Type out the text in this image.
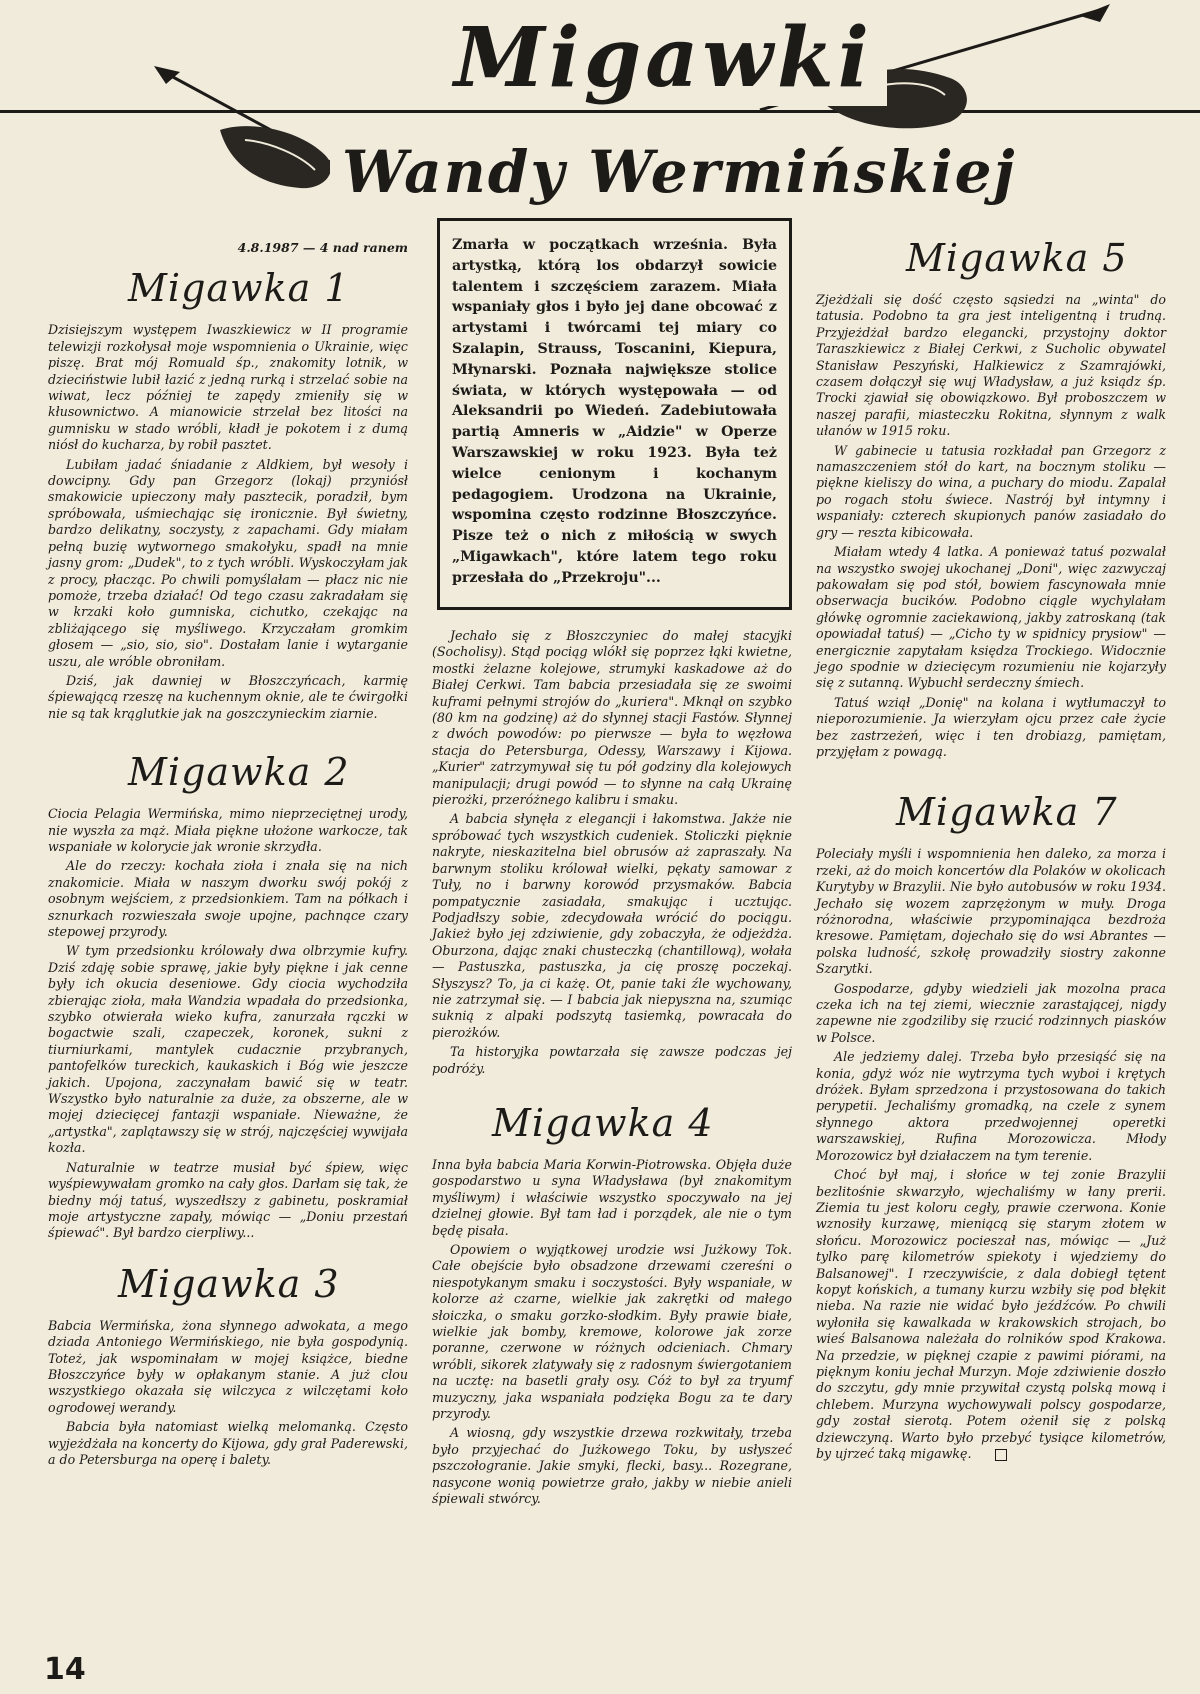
Migawki
Wandy Wermińskiej
4.8.1987 — 4 nad ranem
Migawka 1

Dzisiejszym występem Iwaszkiewicz w II programie telewizji rozkołysał moje wspomnienia o Ukrainie, więc piszę. Brat mój Romuald śp., znakomity lotnik, w dzieciństwie lubił łazić z jedną rurką i strzelać sobie na wiwat, lecz później te zapędy zmieniły się w kłusownictwo. A mianowicie strzelał bez litości na gumnisku w stado wróbli, kładł je pokotem i z dumą niósł do kucharza, by robił pasztet.

Lubiłam jadać śniadanie z Aldkiem, był wesoły i dowcipny. Gdy pan Grzegorz (lokaj) przyniósł smakowicie upieczony mały pasztecik, poradził, bym spróbowała, uśmiechając się ironicznie. Był świetny, bardzo delikatny, soczysty, z zapachami. Gdy miałam pełną buzię wytwornego smakołyku, spadł na mnie jasny grom: „Dudek", to z tych wróbli. Wyskoczyłam jak z procy, płacząc. Po chwili pomyślałam — płacz nic nie pomoże, trzeba działać! Od tego czasu zakradałam się w krzaki koło gumniska, cichutko, czekając na zbliżającego się myśliwego. Krzyczałam gromkim głosem — „sio, sio, sio". Dostałam lanie i wytarganie uszu, ale wróble obroniłam.

Dziś, jak dawniej w Błoszczyńcach, karmię śpiewającą rzeszę na kuchennym oknie, ale te ćwirgołki nie są tak krąglutkie jak na goszczynieckim ziarnie.

Migawka 2

Ciocia Pelagia Wermińska, mimo nieprzeciętnej urody, nie wyszła za mąż. Miała piękne ułożone warkocze, tak wspaniałe w kolorycie jak wronie skrzydła.

Ale do rzeczy: kochała zioła i znała się na nich znakomicie. Miała w naszym dworku swój pokój z osobnym wejściem, z przedsionkiem. Tam na półkach i sznurkach rozwieszała swoje upojne, pachnące czary stepowej przyrody.

W tym przedsionku królowały dwa olbrzymie kufry. Dziś zdaję sobie sprawę, jakie były piękne i jak cenne były ich okucia deseniowe. Gdy ciocia wychodziła zbierając zioła, mała Wandzia wpadała do przedsionka, szybko otwierała wieko kufra, zanurzała rączki w bogactwie szali, czapeczek, koronek, sukni z tiurniurkami, mantylek cudacznie przybranych, pantofelków tureckich, kaukaskich i Bóg wie jeszcze jakich. Upojona, zaczynałam bawić się w teatr. Wszystko było naturalnie za duże, za obszerne, ale w mojej dziecięcej fantazji wspaniałe. Nieważne, że „artystka", zaplątawszy się w strój, najczęściej wywijała kozła.

Naturalnie w teatrze musiał być śpiew, więc wyśpiewywałam gromko na cały głos. Darłam się tak, że biedny mój tatuś, wyszedłszy z gabinetu, poskramiał moje artystyczne zapały, mówiąc — „Doniu przestań śpiewać". Był bardzo cierpliwy...

Migawka 3

Babcia Wermińska, żona słynnego adwokata, a mego dziada Antoniego Wermińskiego, nie była gospodynią. Toteż, jak wspominałam w mojej książce, biedne Błoszczyńce były w opłakanym stanie. A już clou wszystkiego okazała się wilczyca z wilczętami koło ogrodowej werandy.

Babcia była natomiast wielką melomanką. Często wyjeżdżała na koncerty do Kijowa, gdy grał Paderewski, a do Petersburga na operę i balety.

Zmarła w początkach września. Była artystką, którą los obdarzył sowicie talentem i szczęściem zarazem. Miała wspaniały głos i było jej dane obcować z artystami i twórcami tej miary co Szalapin, Strauss, Toscanini, Kiepura, Młynarski. Poznała największe stolice świata, w których występowała — od Aleksandrii po Wiedeń. Zadebiutowała partią Amneris w „Aidzie" w Operze Warszawskiej w roku 1923. Była też wielce cenionym i kochanym pedagogiem. Urodzona na Ukrainie, wspomina często rodzinne Błoszczyńce. Pisze też o nich z miłością w swych „Migawkach", które latem tego roku przesłała do „Przekroju"...

Jechało się z Błoszczyniec do małej stacyjki (Socholisy). Stąd pociąg wlókł się poprzez łąki kwietne, mostki żelazne kolejowe, strumyki kaskadowe aż do Białej Cerkwi. Tam babcia przesiadała się ze swoimi kuframi pełnymi strojów do „kuriera". Mknął on szybko (80 km na godzinę) aż do słynnej stacji Fastów. Słynnej z dwóch powodów: po pierwsze — była to węzłowa stacja do Petersburga, Odessy, Warszawy i Kijowa. „Kurier" zatrzymywał się tu pół godziny dla kolejowych manipulacji; drugi powód — to słynne na całą Ukrainę pierożki, przeróżnego kalibru i smaku.

A babcia słynęła z elegancji i łakomstwa. Jakże nie spróbować tych wszystkich cudeniek. Stoliczki pięknie nakryte, nieskazitelna biel obrusów aż zapraszały. Na barwnym stoliku królował wielki, pękaty samowar z Tuły, no i barwny korowód przysmaków. Babcia pompatycznie zasiadała, smakując i ucztując. Podjadłszy sobie, zdecydowała wrócić do pociągu. Jakież było jej zdziwienie, gdy zobaczyła, że odjeżdża. Oburzona, dając znaki chusteczką (chantillową), wołała — Pastuszka, pastuszka, ja cię proszę poczekaj. Słyszysz? To, ja ci każę. Ot, panie taki źle wychowany, nie zatrzymał się. — I babcia jak niepyszna na, szumiąc suknią z alpaki podszytą tasiemką, powracała do pierożków.

Ta historyjka powtarzała się zawsze podczas jej podróży.

Migawka 4

Inna była babcia Maria Korwin-Piotrowska. Objęła duże gospodarstwo u syna Władysława (był znakomitym myśliwym) i właściwie wszystko spoczywało na jej dzielnej głowie. Był tam ład i porządek, ale nie o tym będę pisała.

Opowiem o wyjątkowej urodzie wsi Jużkowy Tok. Całe obejście było obsadzone drzewami czereśni o niespotykanym smaku i soczystości. Były wspaniałe, w kolorze aż czarne, wielkie jak zakrętki od małego słoiczka, o smaku gorzko-słodkim. Były prawie białe, wielkie jak bomby, kremowe, kolorowe jak zorze poranne, czerwone w różnych odcieniach. Chmary wróbli, sikorek zlatywały się z radosnym świergotaniem na ucztę: na basetli grały osy. Cóż to był za tryumf muzyczny, jaka wspaniała podzięka Bogu za te dary przyrody.

A wiosną, gdy wszystkie drzewa rozkwitały, trzeba było przyjechać do Jużkowego Toku, by usłyszeć pszczołogranie. Jakie smyki, flecki, basy... Rozegrane, nasycone wonią powietrze grało, jakby w niebie anieli śpiewali stwórcy.

Migawka 5

Zjeżdżali się dość często sąsiedzi na „winta" do tatusia. Podobno ta gra jest inteligentną i trudną. Przyjeżdżał bardzo elegancki, przystojny doktor Taraszkiewicz z Białej Cerkwi, z Sucholic obywatel Stanisław Peszyński, Halkiewicz z Szamrajówki, czasem dołączył się wuj Władysław, a już ksiądz śp. Trocki zjawiał się obowiązkowo. Był proboszczem w naszej parafii, miasteczku Rokitna, słynnym z walk ułanów w 1915 roku.

W gabinecie u tatusia rozkładał pan Grzegorz z namaszczeniem stół do kart, na bocznym stoliku — piękne kieliszy do wina, a puchary do miodu. Zapalał po rogach stołu świece. Nastrój był intymny i wspaniały: czterech skupionych panów zasiadało do gry — reszta kibicowała.

Miałam wtedy 4 latka. A ponieważ tatuś pozwalał na wszystko swojej ukochanej „Doni", więc zazwyczaj pakowałam się pod stół, bowiem fascynowała mnie obserwacja bucików. Podobno ciągle wychylałam główkę ogromnie zaciekawioną, jakby zatroskaną (tak opowiadał tatuś) — „Cicho ty w spidnicy prysiow" — energicznie zapytałam księdza Trockiego. Widocznie jego spodnie w dziecięcym rozumieniu nie kojarzyły się z sutanną. Wybuchł serdeczny śmiech.

Tatuś wziął „Donię" na kolana i wytłumaczył to nieporozumienie. Ja wierzyłam ojcu przez całe życie bez zastrzeżeń, więc i ten drobiazg, pamiętam, przyjęłam z powagą.

Migawka 7

Poleciały myśli i wspomnienia hen daleko, za morza i rzeki, aż do moich koncertów dla Polaków w okolicach Kurytyby w Brazylii. Nie było autobusów w roku 1934. Jechało się wozem zaprzężonym w muły. Droga różnorodna, właściwie przypominająca bezdroża kresowe. Pamiętam, dojechało się do wsi Abrantes — polska ludność, szkołę prowadziły siostry zakonne Szarytki.

Gospodarze, gdyby wiedzieli jak mozolna praca czeka ich na tej ziemi, wiecznie zarastającej, nigdy zapewne nie zgodziliby się rzucić rodzinnych piasków w Polsce.

Ale jedziemy dalej. Trzeba było przesiąść się na konia, gdyż wóz nie wytrzyma tych wyboi i krętych dróżek. Byłam sprzedzona i przystosowana do takich perypetii. Jechaliśmy gromadką, na czele z synem słynnego aktora przedwojennej operetki warszawskiej, Rufina Morozowicza. Młody Morozowicz był działaczem na tym terenie.

Choć był maj, i słońce w tej zonie Brazylii bezlitośnie skwarzyło, wjechaliśmy w łany prerii. Ziemia tu jest koloru cegły, prawie czerwona. Konie wznosiły kurzawę, mieniącą się starym złotem w słońcu. Morozowicz pocieszał nas, mówiąc — „Już tylko parę kilometrów spiekoty i wjedziemy do Balsanowej". I rzeczywiście, z dala dobiegł tętent kopyt końskich, a tumany kurzu wzbiły się pod błękit nieba. Na razie nie widać było jeźdźców. Po chwili wyłoniła się kawalkada w krakowskich strojach, bo wieś Balsanowa należała do rolników spod Krakowa. Na przedzie, w pięknej czapie z pawimi piórami, na pięknym koniu jechał Murzyn. Moje zdziwienie doszło do szczytu, gdy mnie przywitał czystą polską mową i chlebem. Murzyna wychowywali polscy gospodarze, gdy został sierotą. Potem ożenił się z polską dziewczyną. Warto było przebyć tysiące kilometrów, by ujrzeć taką migawkę.

14
